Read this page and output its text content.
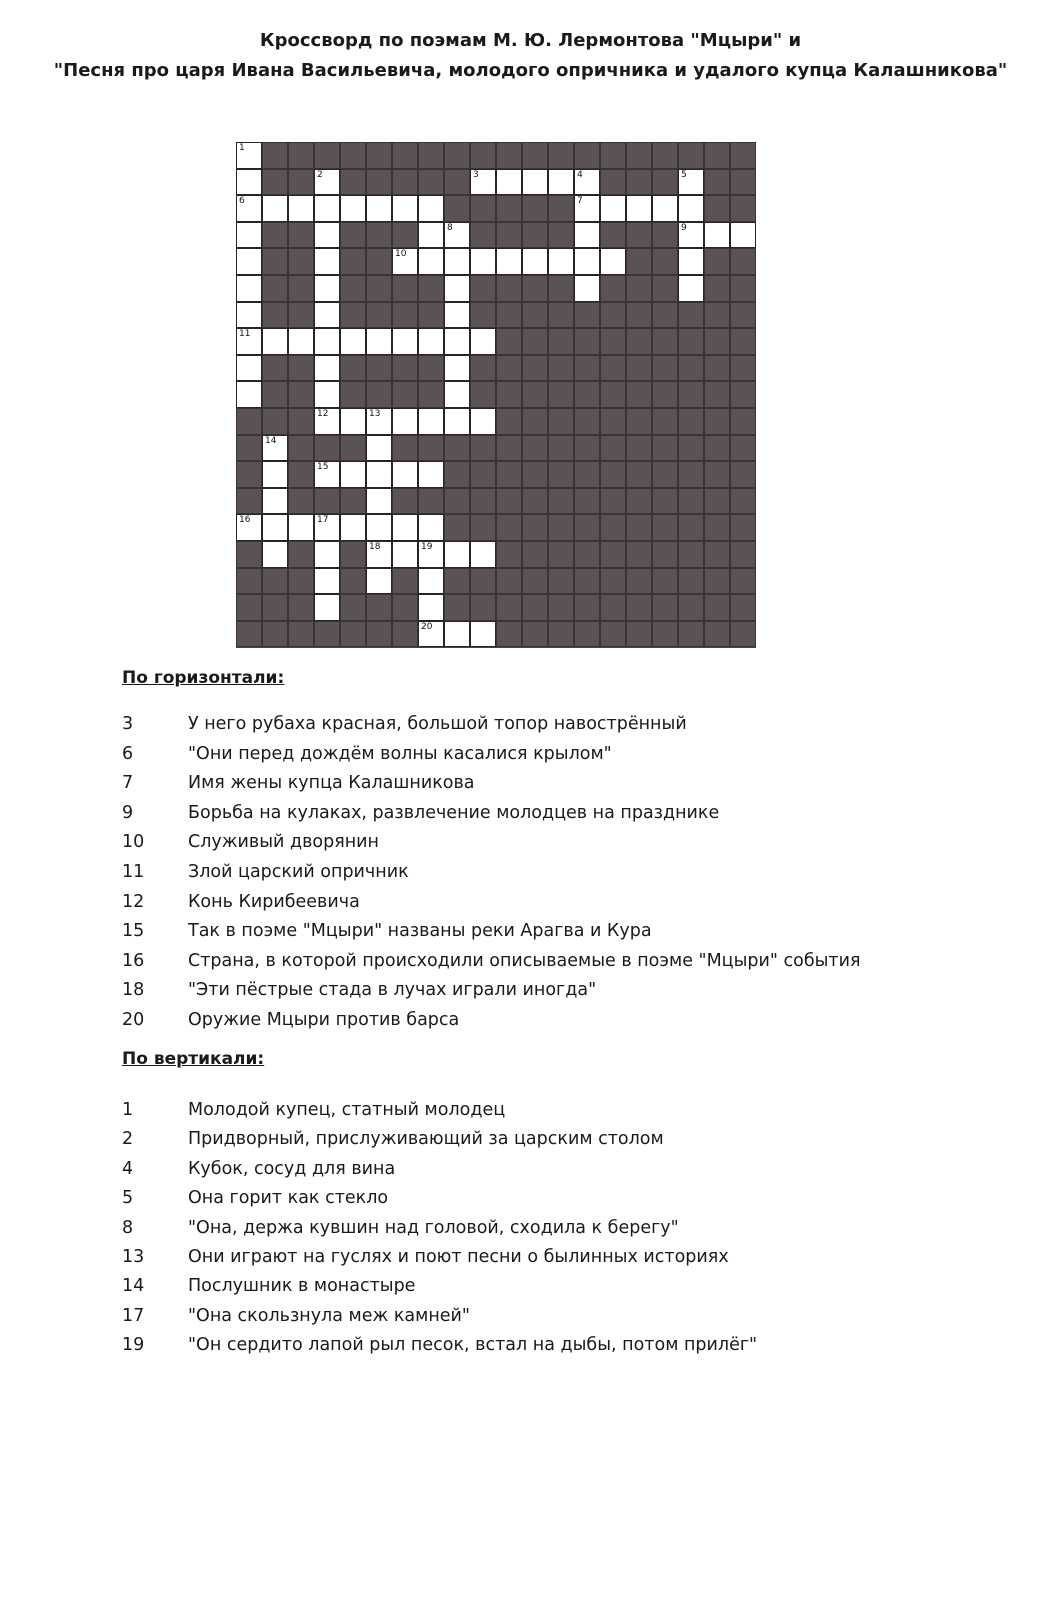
Кроссворд по поэмам М. Ю. Лермонтова "Мцыри" и
"Песня про царя Ивана Васильевича, молодого опричника и удалого купца Калашникова"
1
2	3	4	5
6	7
8	9
10
11
12	13
14
15
16	17
18	19
20
По горизонтали:
3	У него рубаха красная, большой топор навострённый
6	"Они перед дождём волны касалися крылом"
7	Имя жены купца Калашникова
9	Борьба на кулаках, развлечение молодцев на празднике
10 Служивый дворянин
11 Злой царский опричник
12 Конь Кирибеевича
15 Так в поэме "Мцыри" названы реки Арагва и Кура
16 Страна, в которой происходили описываемые в поэме "Мцыри" события
18 "Эти пёстрые стада в лучах играли иногда"
20 Оружие Мцыри против барса
По вертикали:
1	Молодой купец, статный молодец
2	Придворный, прислуживающий за царским столом
4	Кубок, сосуд для вина
5	Она горит как стекло
8	"Она, держа кувшин над головой, сходила к берегу"
13 Они играют на гуслях и поют песни о былинных историях
14 Послушник в монастыре
17 "Она скользнула меж камней"
19 "Он сердито лапой рыл песок, встал на дыбы, потом прилёг"
